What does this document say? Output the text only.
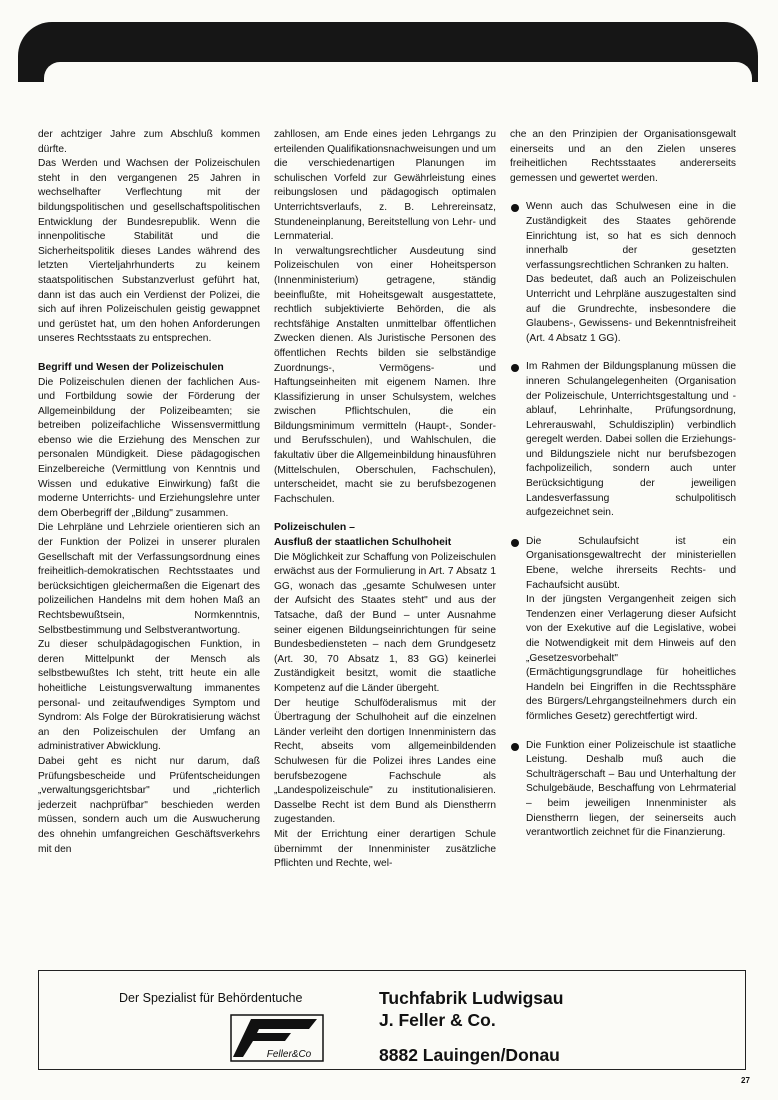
der achtziger Jahre zum Abschluß kommen dürfte.

Das Werden und Wachsen der Polizeischulen steht in den vergangenen 25 Jahren in wechselhafter Verflechtung mit der bildungspolitischen und gesellschaftspolitischen Entwicklung der Bundesrepublik. Wenn die innenpolitische Stabilität und die Sicherheitspolitik dieses Landes während des letzten Vierteljahrhunderts zu keinem staatspolitischen Substanzverlust geführt hat, dann ist das auch ein Verdienst der Polizei, die sich auf ihren Polizeischulen geistig gewappnet und gerüstet hat, um den hohen Anforderungen unseres Rechtsstaats zu entsprechen.

Begriff und Wesen der Polizeischulen

Die Polizeischulen dienen der fachlichen Aus- und Fortbildung sowie der Förderung der Allgemeinbildung der Polizeibeamten; sie betreiben polizeifachliche Wissensvermittlung ebenso wie die Erziehung des Menschen zur personalen Mündigkeit. Diese pädagogischen Einzelbereiche (Vermittlung von Kenntnis und Wissen und edukative Einwirkung) faßt die moderne Unterrichts- und Erziehungslehre unter dem Oberbegriff der „Bildung" zusammen.

Die Lehrpläne und Lehrziele orientieren sich an der Funktion der Polizei in unserer pluralen Gesellschaft mit der Verfassungsordnung eines freiheitlich-demokratischen Rechtsstaates und berücksichtigen gleichermaßen die Eigenart des polizeilichen Handelns mit dem hohen Maß an Rechtsbewußtsein, Normkenntnis, Selbstbestimmung und Selbstverantwortung.

Zu dieser schulpädagogischen Funktion, in deren Mittelpunkt der Mensch als selbstbewußtes Ich steht, tritt heute ein alle hoheitliche Leistungsverwaltung immanentes personal- und zeitaufwendiges Symptom und Syndrom: Als Folge der Bürokratisierung wächst an den Polizeischulen der Umfang an administrativer Abwicklung.

Dabei geht es nicht nur darum, daß Prüfungsbescheide und Prüfentscheidungen „verwaltungsgerichtsbar" und „richterlich jederzeit nachprüfbar" beschieden werden müssen, sondern auch um die Auswucherung des ohnehin umfangreichen Geschäftsverkehrs mit den

zahllosen, am Ende eines jeden Lehrgangs zu erteilenden Qualifikationsnachweisungen und um die verschiedenartigen Planungen im schulischen Vorfeld zur Gewährleistung eines reibungslosen und pädagogisch optimalen Unterrichtsverlaufs, z. B. Lehrereinsatz, Stundeneinplanung, Bereitstellung von Lehr- und Lernmaterial.

In verwaltungsrechtlicher Ausdeutung sind Polizeischulen von einer Hoheitsperson (Innenministerium) getragene, ständig beeinflußte, mit Hoheitsgewalt ausgestattete, rechtlich subjektivierte Behörden, die als rechtsfähige Anstalten unmittelbar öffentlichen Zwecken dienen. Als Juristische Personen des öffentlichen Rechts bilden sie selbständige Zuordnungs-, Vermögens- und Haftungseinheiten mit eigenem Namen. Ihre Klassifizierung in unser Schulsystem, welches zwischen Pflichtschulen, die ein Bildungsminimum vermitteln (Haupt-, Sonder- und Berufsschulen), und Wahlschulen, die fakultativ über die Allgemeinbildung hinausführen (Mittelschulen, Oberschulen, Fachschulen), unterscheidet, macht sie zu berufsbezogenen Fachschulen.

Polizeischulen –
Ausfluß der staatlichen Schulhoheit

Die Möglichkeit zur Schaffung von Polizeischulen erwächst aus der Formulierung in Art. 7 Absatz 1 GG, wonach das „gesamte Schulwesen unter der Aufsicht des Staates steht" und aus der Tatsache, daß der Bund – unter Ausnahme seiner eigenen Bildungseinrichtungen für seine Bundesbediensteten – nach dem Grundgesetz (Art. 30, 70 Absatz 1, 83 GG) keinerlei Zuständigkeit besitzt, womit die staatliche Kompetenz auf die Länder übergeht.

Der heutige Schulföderalismus mit der Übertragung der Schulhoheit auf die einzelnen Länder verleiht den dortigen Innenministern das Recht, abseits vom allgemeinbildenden Schulwesen für die Polizei ihres Landes eine berufsbezogene Fachschule als „Landespolizeischule" zu institutionalisieren. Dasselbe Recht ist dem Bund als Dienstherrn zugestanden.

Mit der Errichtung einer derartigen Schule übernimmt der Innenminister zusätzliche Pflichten und Rechte, wel-

che an den Prinzipien der Organisationsgewalt einerseits und an den Zielen unseres freiheitlichen Rechtsstaates andererseits gemessen und gewertet werden.

Wenn auch das Schulwesen eine in die Zuständigkeit des Staates gehörende Einrichtung ist, so hat es sich dennoch innerhalb der gesetzten verfassungsrechtlichen Schranken zu halten.

Das bedeutet, daß auch an Polizeischulen Unterricht und Lehrpläne auszugestalten sind auf die Grundrechte, insbesondere die Glaubens-, Gewissens- und Bekenntnisfreiheit (Art. 4 Absatz 1 GG).

Im Rahmen der Bildungsplanung müssen die inneren Schulangelegenheiten (Organisation der Polizeischule, Unterrichtsgestaltung und -ablauf, Lehrinhalte, Prüfungsordnung, Lehrerauswahl, Schuldisziplin) verbindlich geregelt werden. Dabei sollen die Erziehungs- und Bildungsziele nicht nur berufsbezogen fachpolizeilich, sondern auch unter Berücksichtigung der jeweiligen Landesverfassung schulpolitisch aufgezeichnet sein.

Die Schulaufsicht ist ein Organisationsgewaltrecht der ministeriellen Ebene, welche ihrerseits Rechts- und Fachaufsicht ausübt.

In der jüngsten Vergangenheit zeigen sich Tendenzen einer Verlagerung dieser Aufsicht von der Exekutive auf die Legislative, wobei die Notwendigkeit mit dem Hinweis auf den „Gesetzesvorbehalt" (Ermächtigungsgrundlage für hoheitliches Handeln bei Eingriffen in die Rechtssphäre des Bürgers/Lehrgangsteilnehmers durch ein förmliches Gesetz) gerechtfertigt wird.

Die Funktion einer Polizeischule ist staatliche Leistung. Deshalb muß auch die Schulträgerschaft – Bau und Unterhaltung der Schulgebäude, Beschaffung von Lehrmaterial – beim jeweiligen Innenminister als Dienstherrn liegen, der seinerseits auch verantwortlich zeichnet für die Finanzierung.

Der Spezialist für Behördentuche
Feller&Co
Tuchfabrik Ludwigsau
J. Feller & Co.
8882 Lauingen/Donau
27
